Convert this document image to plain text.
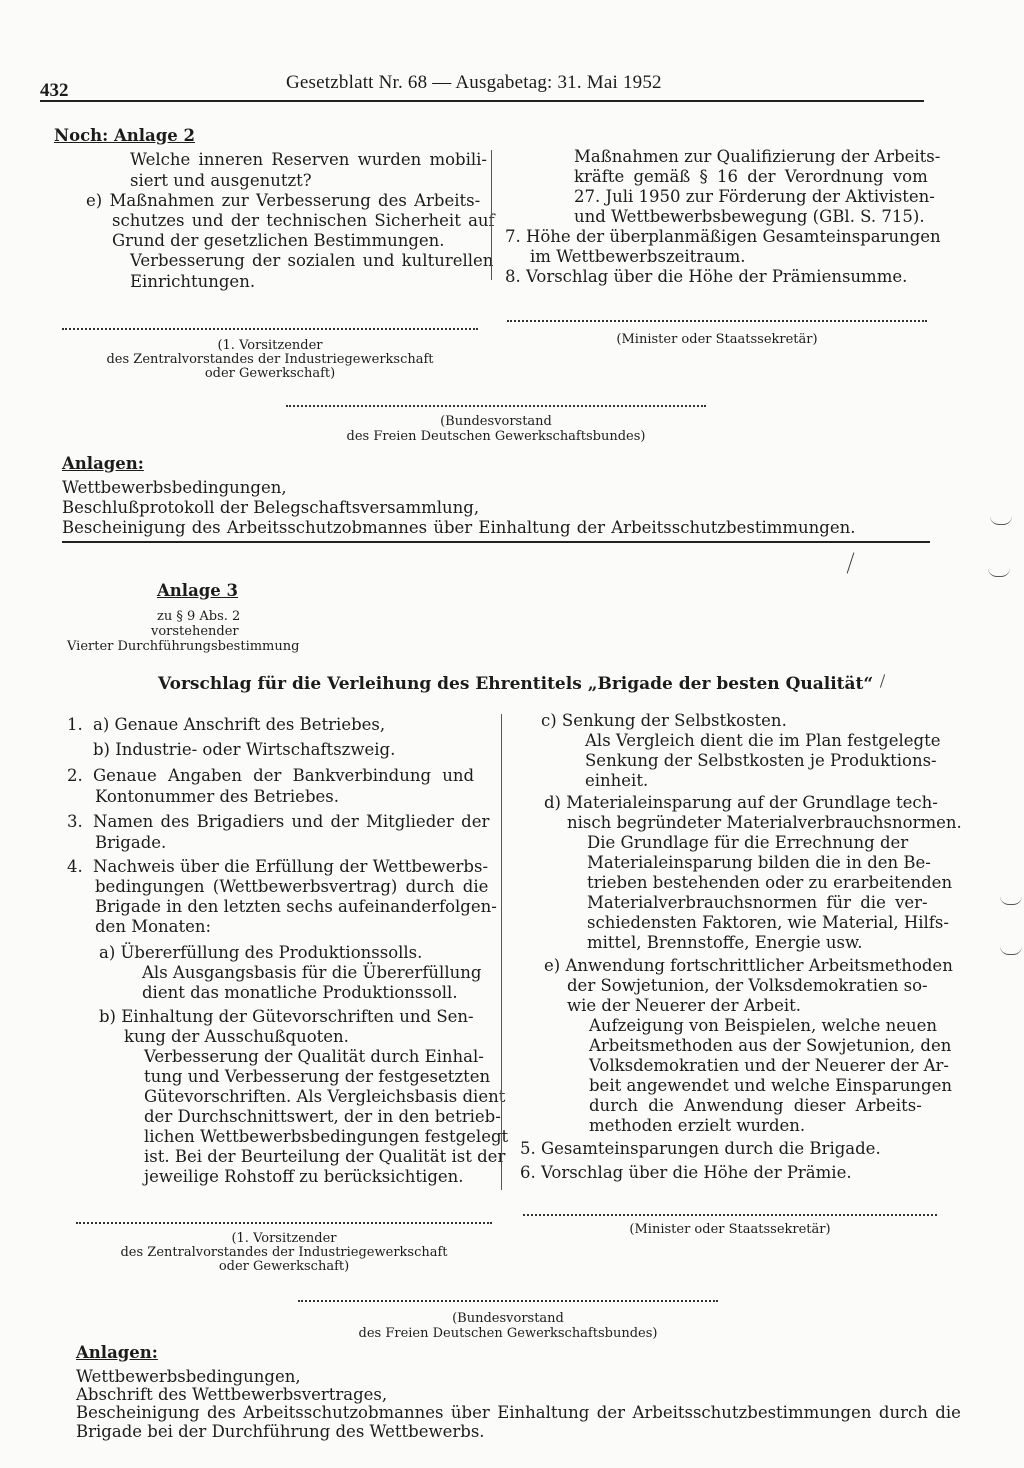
432	Gesetzblatt Nr. 68 — Ausgabetag: 31. Mai 1952
Noch: Anlage 2
Welche inneren Reserven wurden mobili-
siert und ausgenutzt?
e) Maßnahmen zur Verbesserung des Arbeits-
schutzes und der technischen Sicherheit auf
Grund der gesetzlichen Bestimmungen.
Verbesserung der sozialen und kulturellen
Einrichtungen.
Maßnahmen zur Qualifizierung der Arbeits-
kräfte gemäß § 16 der Verordnung vom
27. Juli 1950 zur Förderung der Aktivisten-
und Wettbewerbsbewegung (GBl. S. 715).
7. Höhe der überplanmäßigen Gesamteinsparungen
im Wettbewerbszeitraum.
8. Vorschlag über die Höhe der Prämiensumme.
(1. Vorsitzender
des Zentralvorstandes der Industriegewerkschaft
oder Gewerkschaft)
(Minister oder Staatssekretär)
(Bundesvorstand
des Freien Deutschen Gewerkschaftsbundes)
Anlagen:
Wettbewerbsbedingungen,
Beschlußprotokoll der Belegschaftsversammlung,
Bescheinigung des Arbeitsschutzobmannes über Einhaltung der Arbeitsschutzbestimmungen.
Anlage 3
zu § 9 Abs. 2
vorstehender
Vierter Durchführungsbestimmung
Vorschlag für die Verleihung des Ehrentitels „Brigade der besten Qualität“
1. a) Genaue Anschrift des Betriebes,
b) Industrie- oder Wirtschaftszweig.
2. Genaue Angaben der Bankverbindung und
Kontonummer des Betriebes.
3. Namen des Brigadiers und der Mitglieder der
Brigade.
4. Nachweis über die Erfüllung der Wettbewerbs-
bedingungen (Wettbewerbsvertrag) durch die
Brigade in den letzten sechs aufeinanderfolgen-
den Monaten:
a) Übererfüllung des Produktionssolls.
Als Ausgangsbasis für die Übererfüllung
dient das monatliche Produktionssoll.
b) Einhaltung der Gütevorschriften und Sen-
kung der Ausschußquoten.
Verbesserung der Qualität durch Einhal-
tung und Verbesserung der festgesetzten
Gütevorschriften. Als Vergleichsbasis dient
der Durchschnittswert, der in den betrieb-
lichen Wettbewerbsbedingungen festgelegt
ist. Bei der Beurteilung der Qualität ist der
jeweilige Rohstoff zu berücksichtigen.
c) Senkung der Selbstkosten.
Als Vergleich dient die im Plan festgelegte
Senkung der Selbstkosten je Produktions-
einheit.
d) Materialeinsparung auf der Grundlage tech-
nisch begründeter Materialverbrauchsnormen.
Die Grundlage für die Errechnung der
Materialeinsparung bilden die in den Be-
trieben bestehenden oder zu erarbeitenden
Materialverbrauchsnormen für die ver-
schiedensten Faktoren, wie Material, Hilfs-
mittel, Brennstoffe, Energie usw.
e) Anwendung fortschrittlicher Arbeitsmethoden
der Sowjetunion, der Volksdemokratien so-
wie der Neuerer der Arbeit.
Aufzeigung von Beispielen, welche neuen
Arbeitsmethoden aus der Sowjetunion, den
Volksdemokratien und der Neuerer der Ar-
beit angewendet und welche Einsparungen
durch die Anwendung dieser Arbeits-
methoden erzielt wurden.
5. Gesamteinsparungen durch die Brigade.
6. Vorschlag über die Höhe der Prämie.
(1. Vorsitzender
des Zentralvorstandes der Industriegewerkschaft
oder Gewerkschaft)
(Minister oder Staatssekretär)
(Bundesvorstand
des Freien Deutschen Gewerkschaftsbundes)
Anlagen:
Wettbewerbsbedingungen,
Abschrift des Wettbewerbsvertrages,
Bescheinigung des Arbeitsschutzobmannes über Einhaltung der Arbeitsschutzbestimmungen durch die
Brigade bei der Durchführung des Wettbewerbs.
